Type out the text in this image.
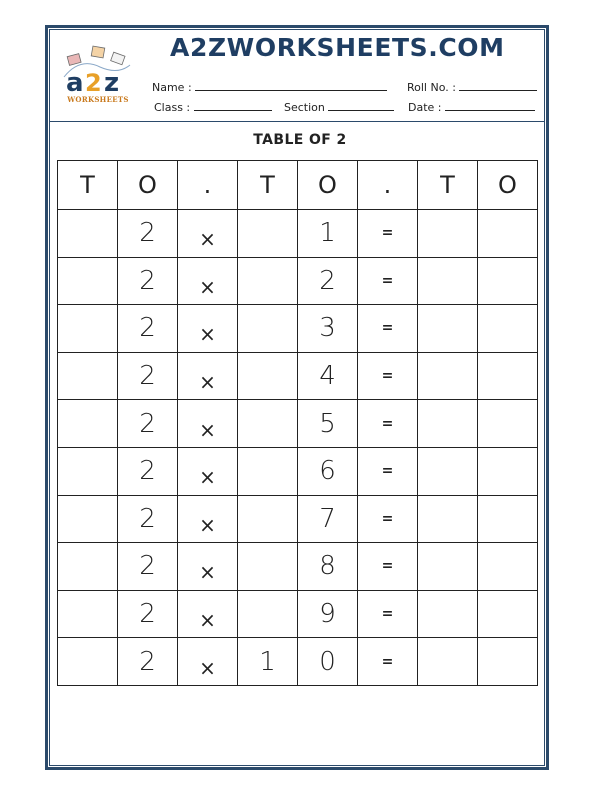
a 2 z
WORKSHEETS
A2ZWORKSHEETS.COM
Name :	Roll No. :
Class :	Section	Date :
TABLE OF 2
T	O	.	T	O	.	T	O
	2	×		1	=		
	2	×		2	=		
	2	×		3	=		
	2	×		4	=		
	2	×		5	=		
	2	×		6	=		
	2	×		7	=		
	2	×		8	=		
	2	×		9	=		
	2	×	1	0	=		
